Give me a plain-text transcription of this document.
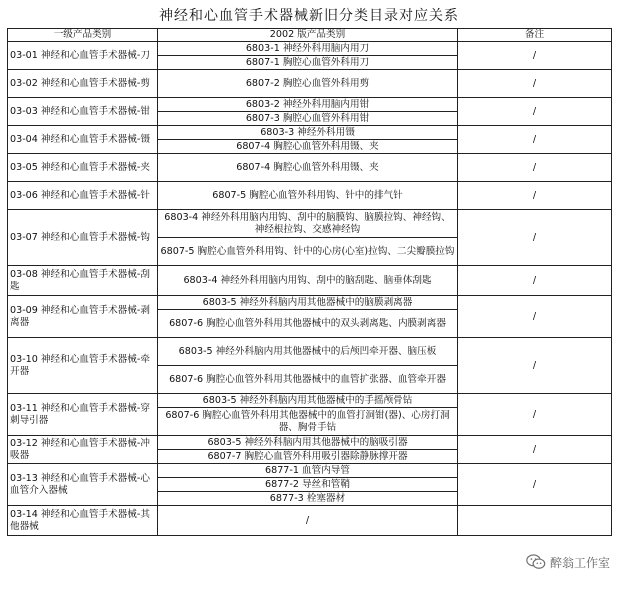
神经和心血管手术器械新旧分类目录对应关系
一级产品类别	2002 版产品类别	备注
03-01 神经和心血管手术器械-刀	6803-1 神经外科用脑内用刀	/
	6807-1 胸腔心血管外科用刀	
03-02 神经和心血管手术器械-剪	6807-2 胸腔心血管外科用剪	/
03-03 神经和心血管手术器械-钳	6803-2 神经外科用脑内用钳	/
	6807-3 胸腔心血管外科用钳	
03-04 神经和心血管手术器械-镊	6803-3 神经外科用镊	/
	6807-4 胸腔心血管外科用镊、夹	
03-05 神经和心血管手术器械-夹	6807-4 胸腔心血管外科用镊、夹	/
03-06 神经和心血管手术器械-针	6807-5 胸腔心血管外科用钩、针中的排气针	/
03-07 神经和心血管手术器械-钩	6803-4 神经外科用脑内用钩、刮中的脑膜钩、脑膜拉钩、神经钩、神经根拉钩、交感神经钩	/
	6807-5 胸腔心血管外科用钩、针中的心房(心室)拉钩、二尖瓣膜拉钩	
03-08 神经和心血管手术器械-刮匙	6803-4 神经外科用脑内用钩、刮中的脑刮匙、脑垂体刮匙	/
03-09 神经和心血管手术器械-剥离器	6803-5 神经外科脑内用其他器械中的脑膜剥离器	/
	6807-6 胸腔心血管外科用其他器械中的双头剥离匙、内膜剥离器	
03-10 神经和心血管手术器械-牵开器	6803-5 神经外科脑内用其他器械中的后颅凹牵开器、脑压板	/
	6807-6 胸腔心血管外科用其他器械中的血管扩张器、血管牵开器	
03-11 神经和心血管手术器械-穿刺导引器	6803-5 神经外科脑内用其他器械中的手摇颅骨钻	/
	6807-6 胸腔心血管外科用其他器械中的血管打洞钳(器)、心房打洞器、胸骨手钻	
03-12 神经和心血管手术器械-冲吸器	6803-5 神经外科脑内用其他器械中的脑吸引器	/
	6807-7 胸腔心血管外科用吸引器除静脉撑开器	
03-13 神经和心血管手术器械-心血管介入器械	6877-1 血管内导管	/
	6877-2 导丝和管鞘	
	6877-3 栓塞器材	
03-14 神经和心血管手术器械-其他器械	/	
醉翁工作室
